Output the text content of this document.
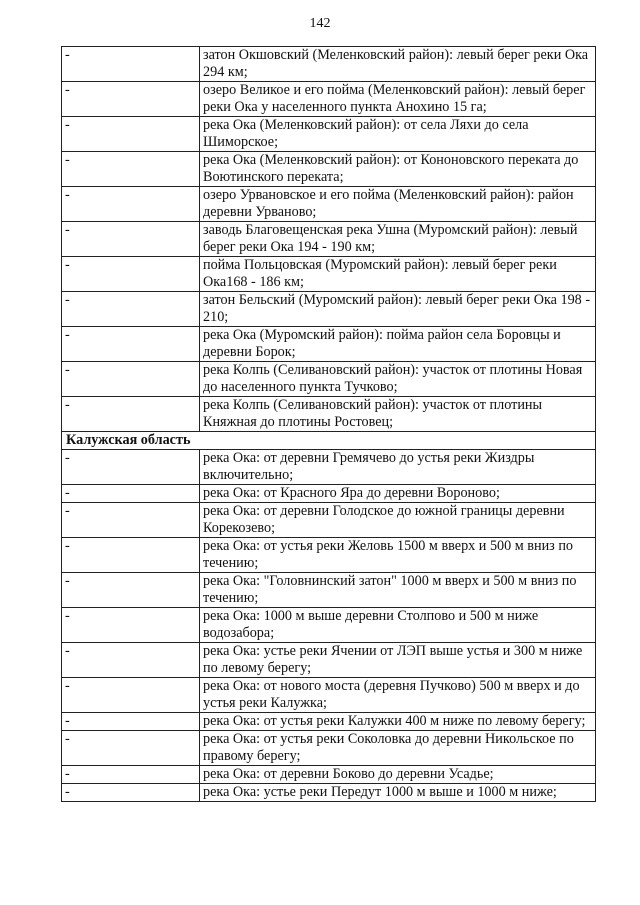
142
-	затон Окшовский (Меленковский район): левый берег реки Ока 294 км;
-	озеро Великое и его пойма (Меленковский район): левый берег реки Ока у населенного пункта Анохино 15 га;
-	река Ока (Меленковский район): от села Ляхи до села Шиморское;
-	река Ока (Меленковский район): от Кононовского переката до Воютинского переката;
-	озеро Урвановское и его пойма (Меленковский район): район деревни Урваново;
-	заводь Благовещенская река Ушна (Муромский район): левый берег реки Ока 194 - 190 км;
-	пойма Польцовская (Муромский район): левый берег реки Ока168 - 186 км;
-	затон Бельский (Муромский район): левый берег реки Ока 198 - 210;
-	река Ока (Муромский район): пойма район села Боровцы и деревни Борок;
-	река Колпь (Селивановский район): участок от плотины Новая до населенного пункта Тучково;
-	река Колпь (Селивановский район): участок от плотины Княжная до плотины Ростовец;
Калужская область	
-	река Ока: от деревни Гремячево до устья реки Жиздры включительно;
-	река Ока: от Красного Яра до деревни Вороново;
-	река Ока: от деревни Голодское до южной границы деревни Корекозево;
-	река Ока: от устья реки Желовь 1500 м вверх и 500 м вниз по течению;
-	река Ока: "Головнинский затон" 1000 м вверх и 500 м вниз по течению;
-	река Ока: 1000 м выше деревни Столпово и 500 м ниже водозабора;
-	река Ока: устье реки Ячении от ЛЭП выше устья и 300 м ниже по левому берегу;
-	река Ока: от нового моста (деревня Пучково) 500 м вверх и до устья реки Калужка;
-	река Ока: от устья реки Калужки 400 м ниже по левому берегу;
-	река Ока: от устья реки Соколовка до деревни Никольское по правому берегу;
-	река Ока: от деревни Боково до деревни Усадье;
-	река Ока: устье реки Передут 1000 м выше и 1000 м ниже;
